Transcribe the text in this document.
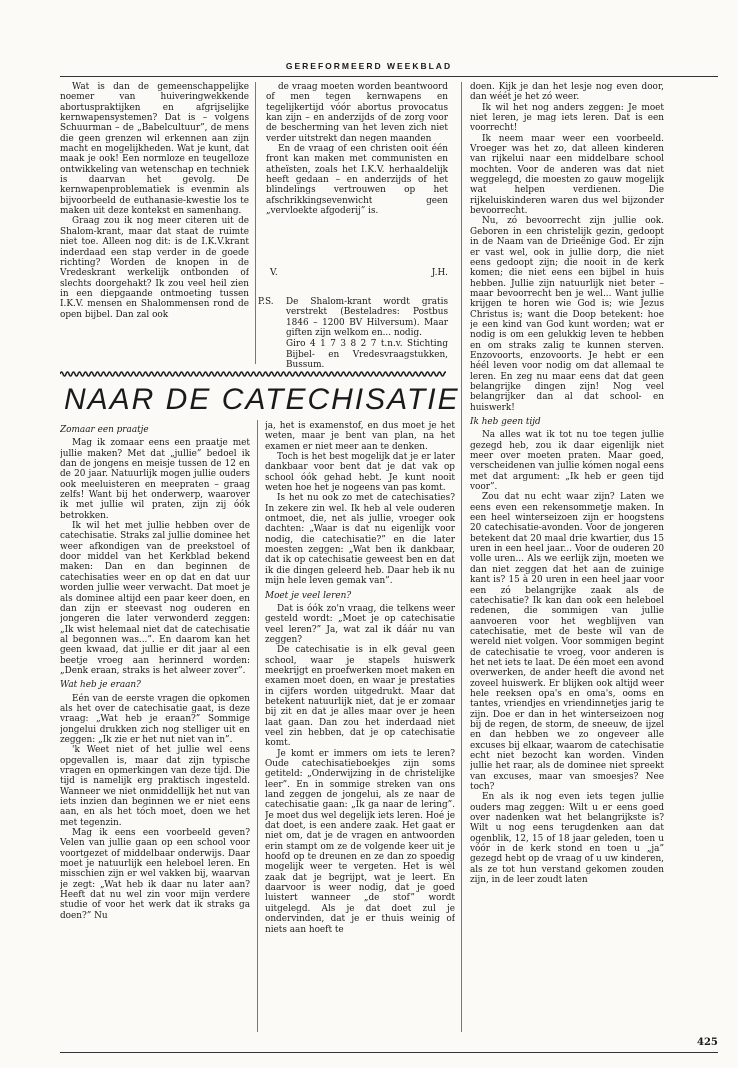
GEREFORMEERD WEEKBLAD

Wat is dan de gemeenschappelijke noemer van huiveringwekkende abortuspraktijken en afgrijselijke kernwapensystemen? Dat is – volgens Schuurman – de „Babelcultuur”, de mens die geen grenzen wil erkennen aan zijn macht en mogelijkheden. Wat je kunt, dat maak je ook! Een normloze en teugelloze ontwikkeling van wetenschap en techniek is daarvan het gevolg. De kernwapenproblematiek is evenmin als bijvoorbeeld de euthanasie-kwestie los te maken uit deze kontekst en samenhang.

Graag zou ik nog meer citeren uit de Shalom-krant, maar dat staat de ruimte niet toe. Alleen nog dit: is de I.K.V.krant inderdaad een stap verder in de goede richting? Worden de knopen in de Vredeskrant werkelijk ontbonden of slechts doorgehakt? Ik zou veel heil zien in een diepgaande ontmoeting tussen I.K.V. mensen en Shalommensen rond de open bijbel. Dan zal ook

de vraag moeten worden beantwoord of men tegen kernwapens en tegelijkertijd vóór abortus provocatus kan zijn – en anderzijds of de zorg voor de bescherming van het leven zich niet verder uitstrekt dan negen maanden

En de vraag of een christen ooit één front kan maken met communisten en atheïsten, zoals het I.K.V. herhaaldelijk heeft gedaan – en anderzijds of het blindelings vertrouwen op het afschrikkingsevenwicht geen „vervloekte afgoderij” is.

V.	J.H.
P.S. De Shalom-krant wordt gratis verstrekt (Besteladres: Postbus 1846 – 1200 BV Hilversum). Maar giften zijn welkom en... nodig.
Giro 4 1 7 3 8 2 7 t.n.v. Stichting Bijbel- en Vredesvraagstukken, Bussum.
NAAR DE CATECHISATIE
Zomaar een praatje

Mag ik zomaar eens een praatje met jullie maken? Met dat „jullie” bedoel ik dan de jongens en meisje tussen de 12 en de 20 jaar. Natuurlijk mogen jullie ouders ook meeluisteren en meepraten – graag zelfs! Want bij het onderwerp, waarover ik met jullie wil praten, zijn zij óók betrokken.

Ik wil het met jullie hebben over de catechisatie. Straks zal jullie dominee het weer afkondigen van de preekstoel of door middel van het Kerkblad bekend maken: Dan en dan beginnen de catechisaties weer en op dat en dat uur worden jullie weer verwacht. Dat moet je als dominee altijd een paar keer doen, en dan zijn er steevast nog ouderen en jongeren die later verwonderd zeggen: „Ik wist helemaal niet dat de catechisatie al begonnen was...”. En daarom kan het geen kwaad, dat jullie er dit jaar al een beetje vroeg aan herinnerd worden: „Denk eraan, straks is het alweer zover”.

Wat heb je eraan?

Eén van de eerste vragen die opkomen als het over de catechisatie gaat, is deze vraag: „Wat heb je eraan?” Sommige jongelui drukken zich nog stelliger uit en zeggen: „Ik zie er het nut niet van in”.

'k Weet niet of het jullie wel eens opgevallen is, maar dat zijn typische vragen en opmerkingen van deze tijd. Die tijd is namelijk erg praktisch ingesteld. Wanneer we niet onmiddellijk het nut van iets inzien dan beginnen we er niet eens aan, en als het tóch moet, doen we het met tegenzin.

Mag ik eens een voorbeeld geven? Velen van jullie gaan op een school voor voortgezet of middelbaar onderwijs. Daar moet je natuurlijk een heleboel leren. En misschien zijn er wel vakken bij, waarvan je zegt: „Wat heb ik daar nu later aan? Heeft dat nu wel zin voor mijn verdere studie of voor het werk dat ik straks ga doen?” Nu

ja, het is examenstof, en dus moet je het weten, maar je bent van plan, na het examen er niet meer aan te denken.

Toch is het best mogelijk dat je er later dankbaar voor bent dat je dat vak op school óók gehad hebt. Je kunt nooit weten hoe het je nogeens van pas komt.

Is het nu ook zo met de catechisaties? In zekere zin wel. Ik heb al vele ouderen ontmoet, die, net als jullie, vroeger ook dachten: „Waar is dat nu eigenlijk voor nodig, die catechisatie?” en die later moesten zeggen: „Wat ben ik dankbaar, dat ik op catechisatie geweest ben en dat ik die dingen geleerd heb. Daar heb ik nu mijn hele leven gemak van”.

Moet je veel leren?

Dat is óók zo'n vraag, die telkens weer gesteld wordt: „Moet je op catechisatie veel leren?” Ja, wat zal ik dáár nu van zeggen?

De catechisatie is in elk geval geen school, waar je stapels huiswerk meekrijgt en proefwerken moet maken en examen moet doen, en waar je prestaties in cijfers worden uitgedrukt. Maar dat betekent natuurlijk niet, dat je er zomaar bij zit en dat je alles maar over je heen laat gaan. Dan zou het inderdaad niet veel zin hebben, dat je op catechisatie komt.

Je komt er immers om iets te leren? Oude catechisatieboekjes zijn soms getiteld: „Onderwijzing in de christelijke leer”. En in sommige streken van ons land zeggen de jongelui, als ze naar de catechisatie gaan: „Ik ga naar de lering”. Je moet dus wel degelijk iets leren. Hoé je dat doet, is een andere zaak. Het gaat er niet om, dat je de vragen en antwoorden erin stampt om ze de volgende keer uit je hoofd op te dreunen en ze dan zo spoedig mogelijk weer te vergeten. Het is wèl zaak dat je begrijpt, wat je leert. En daarvoor is weer nodig, dat je goed luistert wanneer „de stof” wordt uitgelegd. Als je dat doet zul je ondervinden, dat je er thuis weinig of niets aan hoeft te

doen. Kijk je dan het lesje nog even door, dan wéét je het zó weer.

Ik wil het nog anders zeggen: Je moet niet leren, je mag iets leren. Dat is een voorrecht!

Ik neem maar weer een voorbeeld. Vroeger was het zo, dat alleen kinderen van rijkelui naar een middelbare school mochten. Voor de anderen was dat niet weggelegd, die moesten zo gauw mogelijk wat helpen verdienen. Die rijkeluiskinderen waren dus wel bijzonder bevoorrecht.

Nu, zó bevoorrecht zijn jullie ook. Geboren in een christelijk gezin, gedoopt in de Naam van de Drieënige God. Er zijn er vast wel, ook in jullie dorp, die niet eens gedoopt zijn; die nooit in de kerk komen; die niet eens een bijbel in huis hebben. Jullie zijn natuurlijk niet beter – maar bevoorrecht ben je wel... Want jullie krijgen te horen wie God is; wie Jezus Christus is; want die Doop betekent: hoe je een kind van God kunt worden; wat er nodig is om een gelukkig leven te hebben en om straks zalig te kunnen sterven. Enzovoorts, enzovoorts. Je hebt er een héél leven voor nodig om dat allemaal te leren. En zeg nu maar eens dat dat geen belangrijke dingen zijn! Nog veel belangrijker dan al dat school- en huiswerk!

Ik heb geen tijd

Na alles wat ik tot nu toe tegen jullie gezegd heb, zou ik daar eigenlijk niet meer over moeten praten. Maar goed, verscheidenen van jullie kómen nogal eens met dat argument: „Ik heb er geen tijd voor”.

Zou dat nu echt waar zijn? Laten we eens even een rekensommetje maken. In een heel winterseizoen zijn er hoogstens 20 catechisatie-avonden. Voor de jongeren betekent dat 20 maal drie kwartier, dus 15 uren in een heel jaar... Voor de ouderen 20 volle uren... Als we eerlijk zijn, moeten we dan niet zeggen dat het aan de zuinige kant is? 15 à 20 uren in een heel jaar voor een zó belangrijke zaak als de catechisatie? Ik kan dan ook een heleboel redenen, die sommigen van jullie aanvoeren voor het wegblijven van catechisatie, met de beste wil van de wereld niet volgen. Voor sommigen begint de catechisatie te vroeg, voor anderen is het net iets te laat. De één moet een avond overwerken, de ander heeft die avond net zoveel huiswerk. Er blijken ook altijd weer hele reeksen opa's en oma's, ooms en tantes, vriendjes en vriendinnetjes jarig te zijn. Doe er dan in het winterseizoen nog bij de regen, de storm, de sneeuw, de ijzel en dan hebben we zo ongeveer alle excuses bij elkaar, waarom de catechisatie echt niet bezocht kan worden. Vinden jullie het raar, als de dominee niet spreekt van excuses, maar van smoesjes? Nee toch?

En als ik nog even iets tegen jullie ouders mag zeggen: Wilt u er eens goed over nadenken wat het belangrijkste is? Wilt u nog eens terugdenken aan dat ogenblik, 12, 15 of 18 jaar geleden, toen u vóór in de kerk stond en toen u „ja” gezegd hebt op de vraag of u uw kinderen, als ze tot hun verstand gekomen zouden zijn, in de leer zoudt laten

425
